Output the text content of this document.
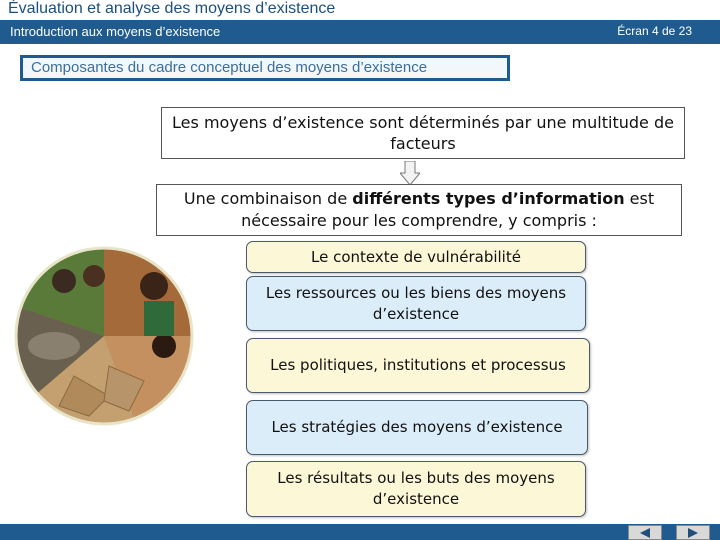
Évaluation et analyse des moyens d’existence
Introduction aux moyens d’existence	Écran 4 de 23
Composantes du cadre conceptuel des moyens d’existence
Les moyens d’existence sont déterminés par une multitude de facteurs
Une combinaison de différents types d’information est nécessaire pour les comprendre, y compris :
Le contexte de vulnérabilité
Les ressources ou les biens des moyens d’existence
Les politiques, institutions et processus
Les stratégies des moyens d’existence
Les résultats ou les buts des moyens d’existence
